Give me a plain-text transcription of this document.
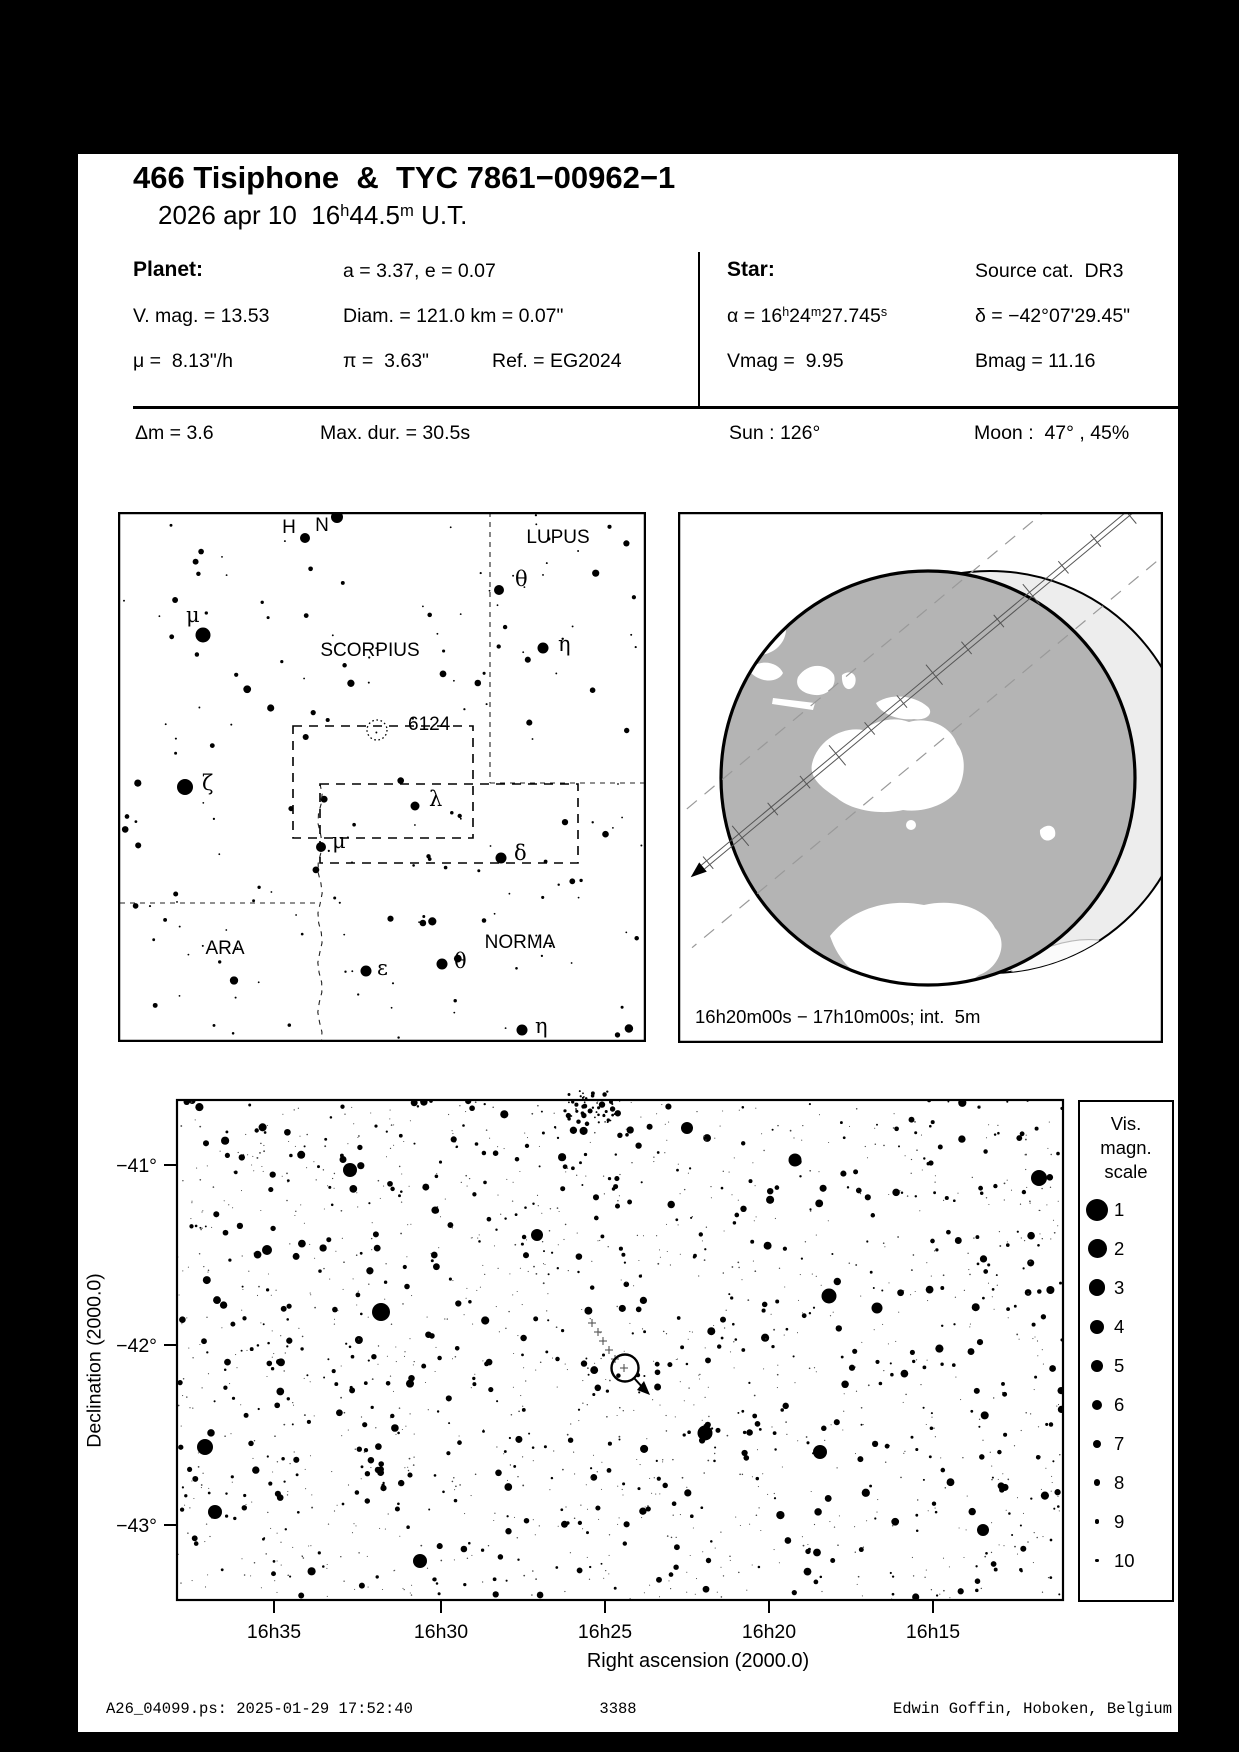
466 Tisiphone  &  TYC 7861−00962−1
2026 apr 10  16$^h$44.5$^m$ U.T.
Planet:	a = 3.37, e = 0.07	Star:	Source cat.  DR3
V. mag. = 13.53	Diam. = 121.0 km = 0.07"	$\alpha = 16^h24^m27.745^s$	δ = −42°07'29.45"
μ =  8.13"/h	π =  3.63"	Ref. = EG2024	Vmag =  9.95	Bmag = 11.16
Δm = 3.6	Max. dur. = 30.5s	Sun : 126°	Moon :  47° , 45%
6124
H N
LUPUS
θ
η
μ
SCORPIUS
ζ
λ
μ	δ
ARA	NORMA
θ
ε
η	16h20m00s − 17h10m00s; int.  5m
−41°
−42°
−43°
16h35	16h30	16h25	16h20	16h15
Declination (2000.0)
Right ascension (2000.0)
Vis.
magn.
scale
1
2
3
4
5
6
7
8
9
10
A26_04099.ps: 2025-01-29 17:52:40	3388	Edwin Goffin, Hoboken, Belgium
